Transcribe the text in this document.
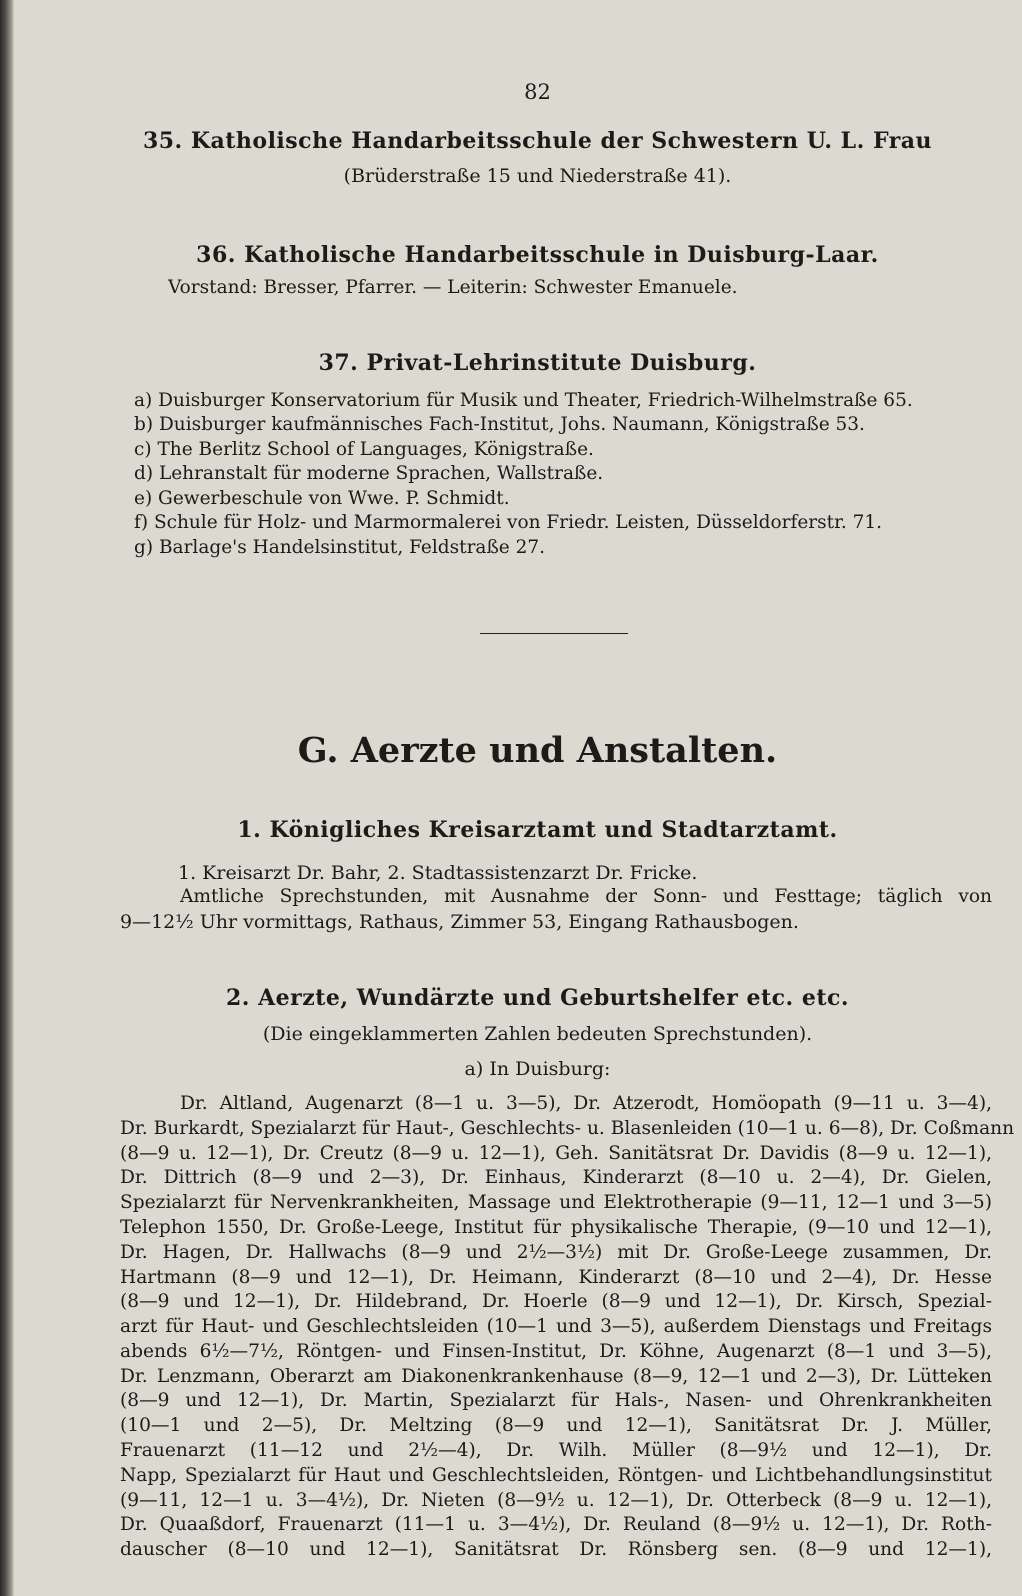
82
35. Katholische Handarbeitsschule der Schwestern U. L. Frau
(Brüderstraße 15 und Niederstraße 41).
36. Katholische Handarbeitsschule in Duisburg-Laar.
Vorstand: Bresser, Pfarrer. — Leiterin: Schwester Emanuele.
37. Privat-Lehrinstitute Duisburg.
a) Duisburger Konservatorium für Musik und Theater, Friedrich-Wilhelmstraße 65.
b) Duisburger kaufmännisches Fach-Institut, Johs. Naumann, Königstraße 53.
c) The Berlitz School of Languages, Königstraße.
d) Lehranstalt für moderne Sprachen, Wallstraße.
e) Gewerbeschule von Wwe. P. Schmidt.
f) Schule für Holz- und Marmormalerei von Friedr. Leisten, Düsseldorferstr. 71.
g) Barlage's Handelsinstitut, Feldstraße 27.
G. Aerzte und Anstalten.
1. Königliches Kreisarztamt und Stadtarztamt.
1. Kreisarzt Dr. Bahr, 2. Stadtassistenzarzt Dr. Fricke.
Amtliche Sprechstunden, mit Ausnahme der Sonn- und Festtage; täglich von
9—12½ Uhr vormittags, Rathaus, Zimmer 53, Eingang Rathausbogen.
2. Aerzte, Wundärzte und Geburtshelfer etc. etc.
(Die eingeklammerten Zahlen bedeuten Sprechstunden).
a) In Duisburg:
Dr. Altland, Augenarzt (8—1 u. 3—5), Dr. Atzerodt, Homöopath (9—11 u. 3—4),
Dr. Burkardt, Spezialarzt für Haut-, Geschlechts- u. Blasenleiden (10—1 u. 6—8), Dr. Coßmann
(8—9 u. 12—1), Dr. Creutz (8—9 u. 12—1), Geh. Sanitätsrat Dr. Davidis (8—9 u. 12—1),
Dr. Dittrich (8—9 und 2—3), Dr. Einhaus, Kinderarzt (8—10 u. 2—4), Dr. Gielen,
Spezialarzt für Nervenkrankheiten, Massage und Elektrotherapie (9—11, 12—1 und 3—5)
Telephon 1550, Dr. Große-Leege, Institut für physikalische Therapie, (9—10 und 12—1),
Dr. Hagen, Dr. Hallwachs (8—9 und 2½—3½) mit Dr. Große-Leege zusammen, Dr.
Hartmann (8—9 und 12—1), Dr. Heimann, Kinderarzt (8—10 und 2—4), Dr. Hesse
(8—9 und 12—1), Dr. Hildebrand, Dr. Hoerle (8—9 und 12—1), Dr. Kirsch, Spezial-
arzt für Haut- und Geschlechtsleiden (10—1 und 3—5), außerdem Dienstags und Freitags
abends 6½—7½, Röntgen- und Finsen-Institut, Dr. Köhne, Augenarzt (8—1 und 3—5),
Dr. Lenzmann, Oberarzt am Diakonenkrankenhause (8—9, 12—1 und 2—3), Dr. Lütteken
(8—9 und 12—1), Dr. Martin, Spezialarzt für Hals-, Nasen- und Ohrenkrankheiten
(10—1 und 2—5), Dr. Meltzing (8—9 und 12—1), Sanitätsrat Dr. J. Müller,
Frauenarzt (11—12 und 2½—4), Dr. Wilh. Müller (8—9½ und 12—1), Dr.
Napp, Spezialarzt für Haut und Geschlechtsleiden, Röntgen- und Lichtbehandlungsinstitut
(9—11, 12—1 u. 3—4½), Dr. Nieten (8—9½ u. 12—1), Dr. Otterbeck (8—9 u. 12—1),
Dr. Quaaßdorf, Frauenarzt (11—1 u. 3—4½), Dr. Reuland (8—9½ u. 12—1), Dr. Roth-
dauscher (8—10 und 12—1), Sanitätsrat Dr. Rönsberg sen. (8—9 und 12—1),
